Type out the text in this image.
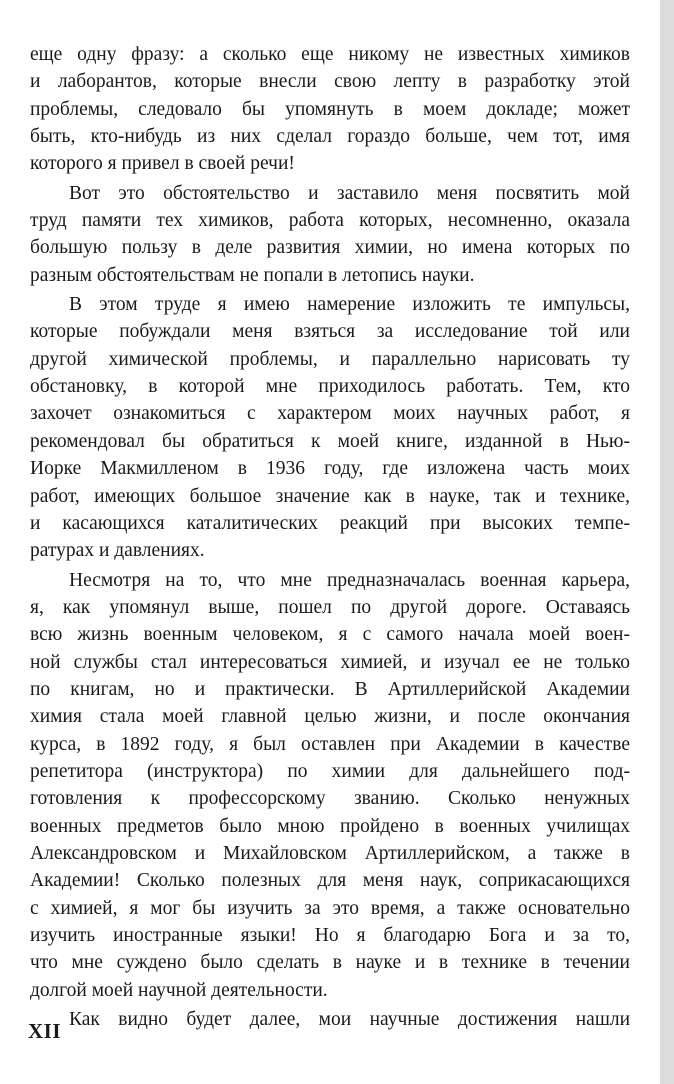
еще одну фразу: а сколько еще никому не известных химиков
и лаборантов, которые внесли свою лепту в разработку этой
проблемы, следовало бы упомянуть в моем докладе; может
быть, кто-нибудь из них сделал гораздо больше, чем тот, имя
которого я привел в своей речи!
Вот это обстоятельство и заставило меня посвятить мой
труд памяти тех химиков, работа которых, несомненно, оказала
большую пользу в деле развития химии, но имена которых по
разным обстоятельствам не попали в летопись науки.
В этом труде я имею намерение изложить те импульсы,
которые побуждали меня взяться за исследование той или
другой химической проблемы, и параллельно нарисовать ту
обстановку, в которой мне приходилось работать. Тем, кто
захочет ознакомиться с характером моих научных работ, я
рекомендовал бы обратиться к моей книге, изданной в Нью-
Иорке Макмилленом в 1936 году, где изложена часть моих
работ, имеющих большое значение как в науке, так и технике,
и касающихся каталитических реакций при высоких темпе-
ратурах и давлениях.
Несмотря на то, что мне предназначалась военная карьера,
я, как упомянул выше, пошел по другой дороге. Оставаясь
всю жизнь военным человеком, я с самого начала моей воен-
ной службы стал интересоваться химией, и изучал ее не только
по книгам, но и практически. В Артиллерийской Академии
химия стала моей главной целью жизни, и после окончания
курса, в 1892 году, я был оставлен при Академии в качестве
репетитора (инструктора) по химии для дальнейшего под-
готовления к профессорскому званию. Сколько ненужных
военных предметов было мною пройдено в военных училищах
Александровском и Михайловском Артиллерийском, а также в
Академии! Сколько полезных для меня наук, соприкасающихся
с химией, я мог бы изучить за это время, а также основательно
изучить иностранные языки! Но я благодарю Бога и за то,
что мне суждено было сделать в науке и в технике в течении
долгой моей научной деятельности.
Как видно будет далее, мои научные достижения нашли
XII
